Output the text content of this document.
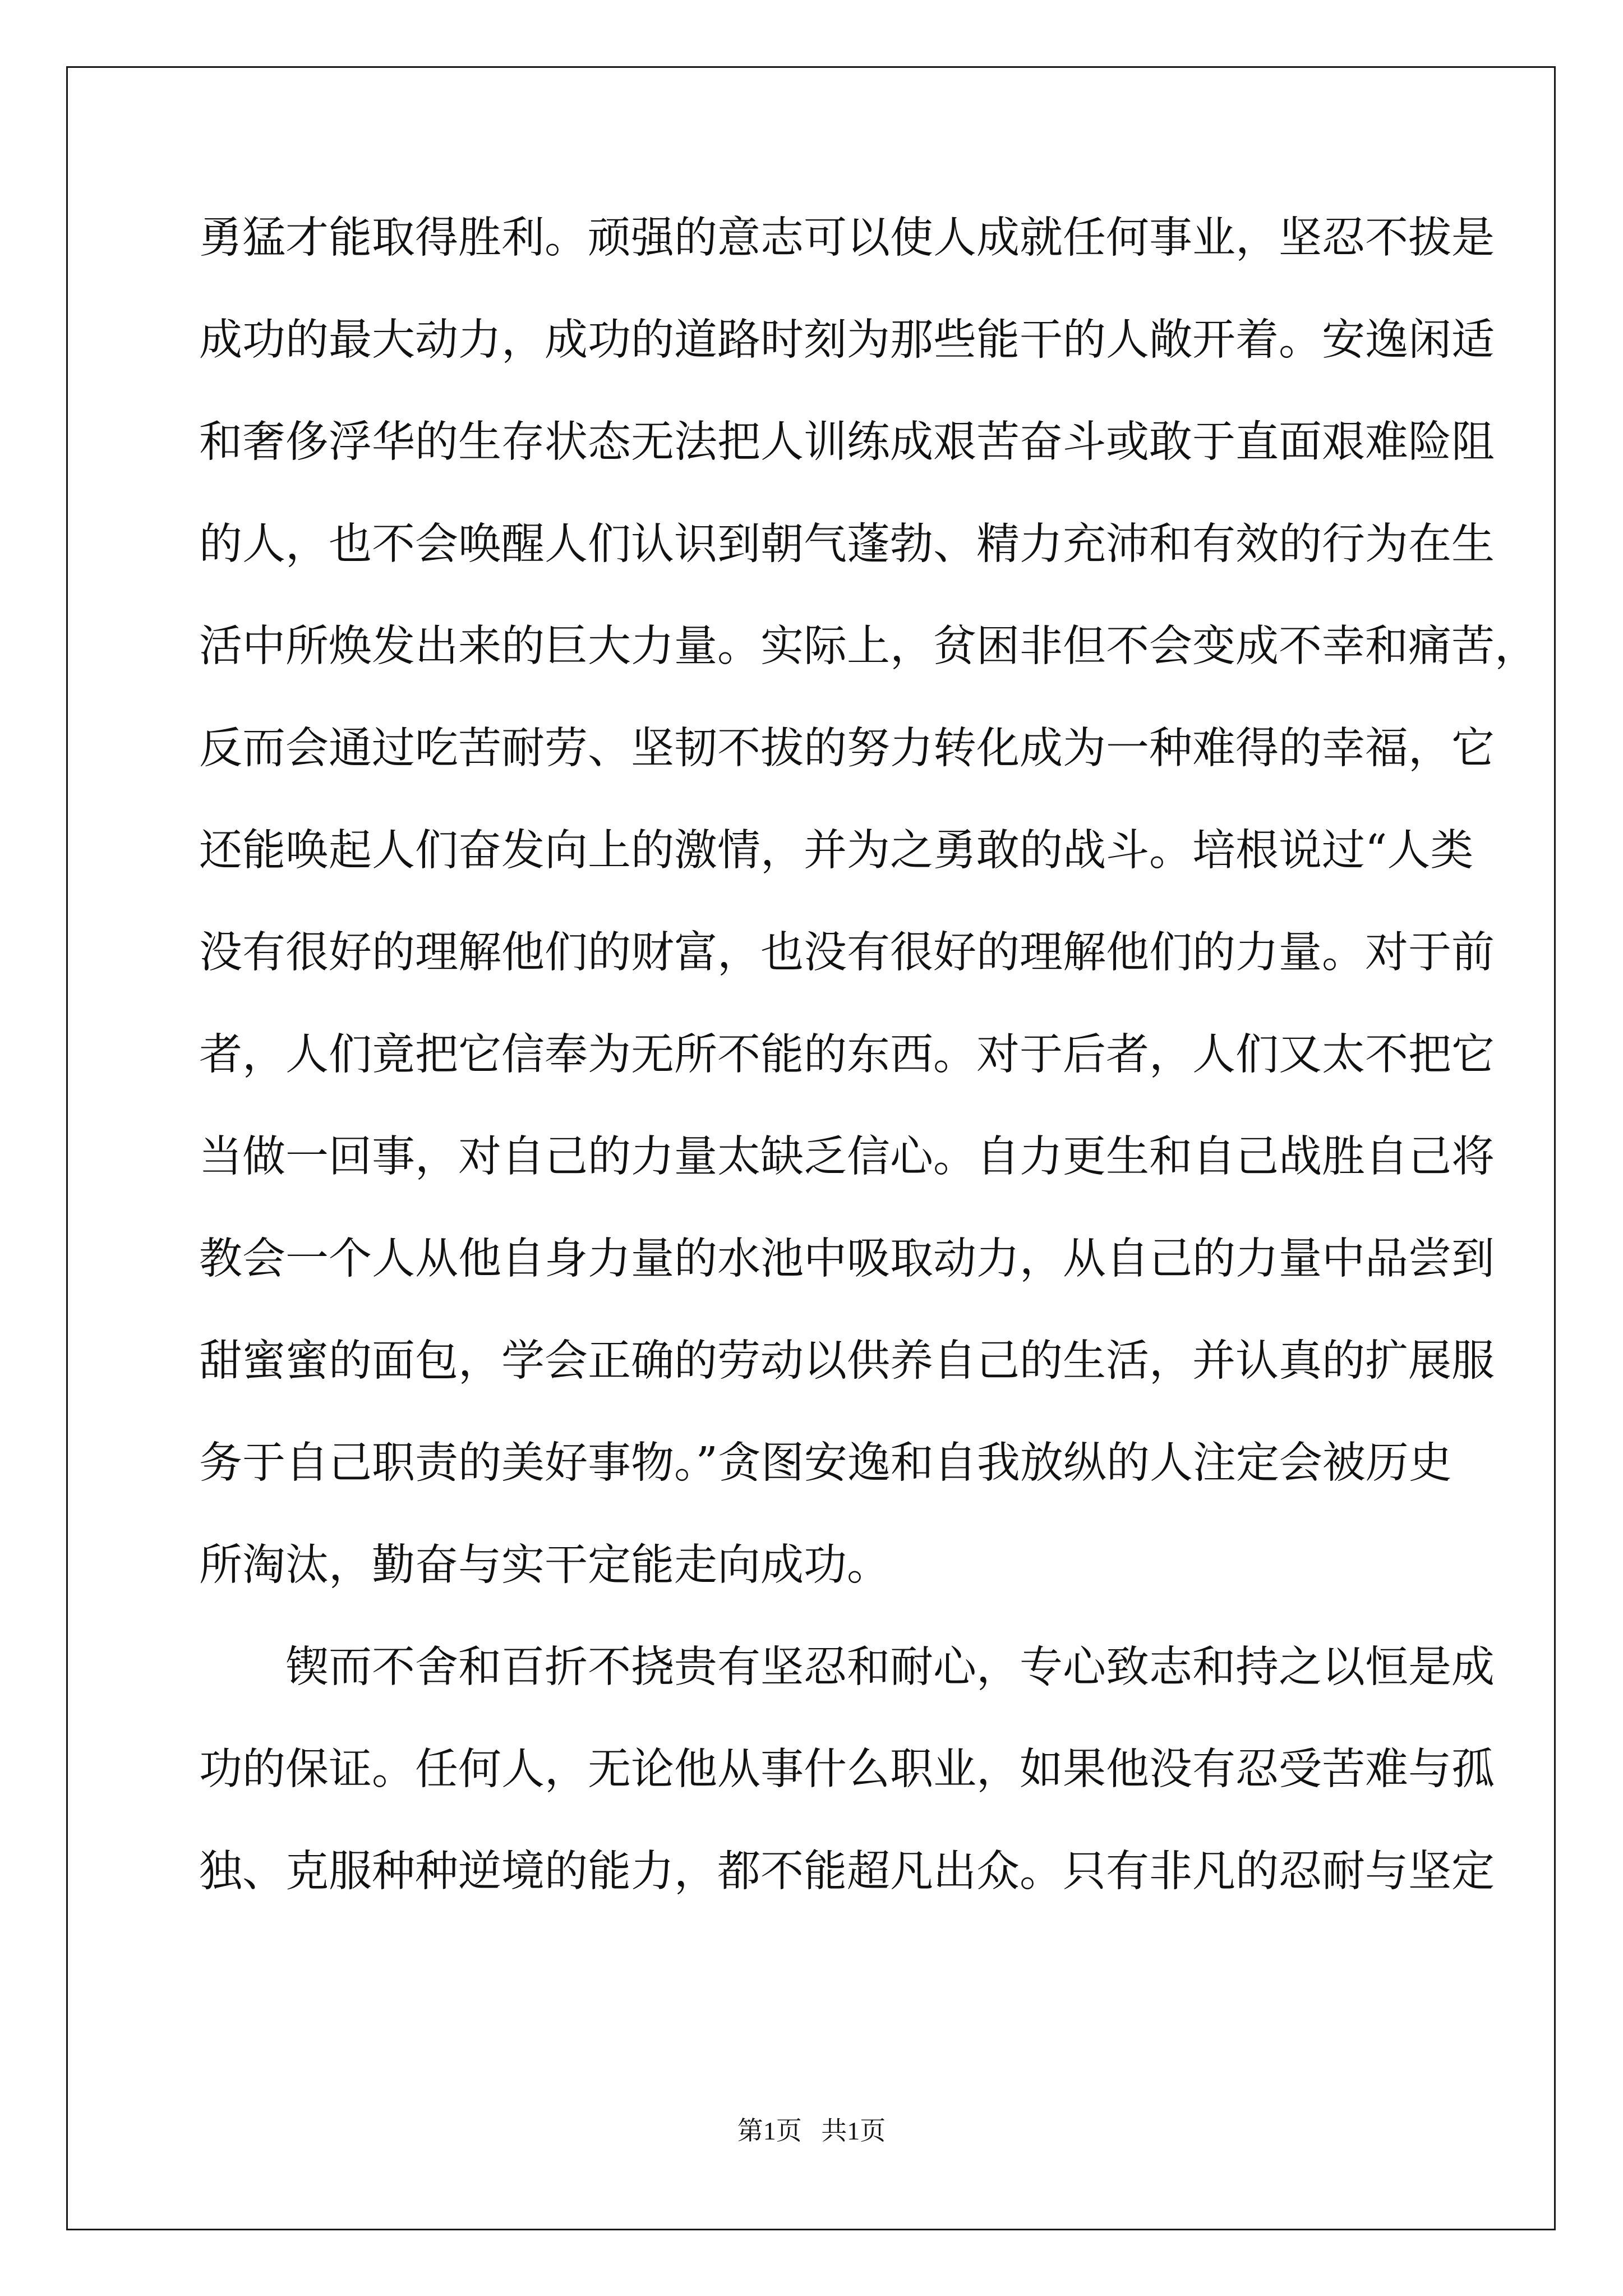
勇猛才能取得胜利。顽强的意志可以使人成就任何事业，坚忍不拔是
成功的最大动力，成功的道路时刻为那些能干的人敞开着。安逸闲适
和奢侈浮华的生存状态无法把人训练成艰苦奋斗或敢于直面艰难险阻
的人，也不会唤醒人们认识到朝气蓬勃、精力充沛和有效的行为在生
活中所焕发出来的巨大力量。实际上，贫困非但不会变成不幸和痛苦，
反而会通过吃苦耐劳、坚韧不拔的努力转化成为一种难得的幸福，它
还能唤起人们奋发向上的激情，并为之勇敢的战斗。培根说过“人类
没有很好的理解他们的财富，也没有很好的理解他们的力量。对于前
者，人们竟把它信奉为无所不能的东西。对于后者，人们又太不把它
当做一回事，对自己的力量太缺乏信心。自力更生和自己战胜自己将
教会一个人从他自身力量的水池中吸取动力，从自己的力量中品尝到
甜蜜蜜的面包，学会正确的劳动以供养自己的生活，并认真的扩展服
务于自己职责的美好事物。”贪图安逸和自我放纵的人注定会被历史
所淘汰，勤奋与实干定能走向成功。
锲而不舍和百折不挠贵有坚忍和耐心，专心致志和持之以恒是成
功的保证。任何人，无论他从事什么职业，如果他没有忍受苦难与孤
独、克服种种逆境的能力，都不能超凡出众。只有非凡的忍耐与坚定
第1页   共1页
